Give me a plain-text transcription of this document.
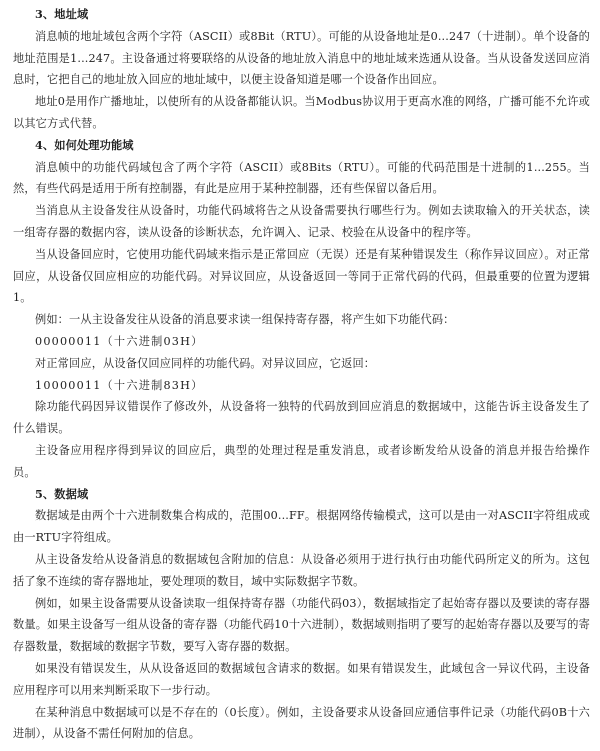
3、地址域

消息帧的地址域包含两个字符（ASCII）或8Bit（RTU）。可能的从设备地址是0...247（十进制）。单个设备的地址范围是1...247。主设备通过将要联络的从设备的地址放入消息中的地址域来选通从设备。当从设备发送回应消息时，它把自己的地址放入回应的地址域中，以便主设备知道是哪一个设备作出回应。

地址0是用作广播地址，以使所有的从设备都能认识。当Modbus协议用于更高水准的网络，广播可能不允许或以其它方式代替。

4、如何处理功能域

消息帧中的功能代码域包含了两个字符（ASCII）或8Bits（RTU）。可能的代码范围是十进制的1...255。当然，有些代码是适用于所有控制器，有此是应用于某种控制器，还有些保留以备后用。

当消息从主设备发往从设备时，功能代码域将告之从设备需要执行哪些行为。例如去读取输入的开关状态，读一组寄存器的数据内容，读从设备的诊断状态，允许调入、记录、校验在从设备中的程序等。

当从设备回应时，它使用功能代码域来指示是正常回应（无误）还是有某种错误发生（称作异议回应）。对正常回应，从设备仅回应相应的功能代码。对异议回应，从设备返回一等同于正常代码的代码，但最重要的位置为逻辑1。

例如：一从主设备发往从设备的消息要求读一组保持寄存器，将产生如下功能代码：

00000011（十六进制03H）

对正常回应，从设备仅回应同样的功能代码。对异议回应，它返回：

10000011（十六进制83H）

除功能代码因异议错误作了修改外，从设备将一独特的代码放到回应消息的数据域中，这能告诉主设备发生了什么错误。

主设备应用程序得到异议的回应后，典型的处理过程是重发消息，或者诊断发给从设备的消息并报告给操作员。

5、数据域

数据域是由两个十六进制数集合构成的，范围00...FF。根据网络传输模式，这可以是由一对ASCII字符组成或由一RTU字符组成。

从主设备发给从设备消息的数据域包含附加的信息：从设备必须用于进行执行由功能代码所定义的所为。这包括了象不连续的寄存器地址，要处理项的数目，域中实际数据字节数。

例如，如果主设备需要从设备读取一组保持寄存器（功能代码03），数据域指定了起始寄存器以及要读的寄存器数量。如果主设备写一组从设备的寄存器（功能代码10十六进制），数据域则指明了要写的起始寄存器以及要写的寄存器数量，数据域的数据字节数，要写入寄存器的数据。

如果没有错误发生，从从设备返回的数据域包含请求的数据。如果有错误发生，此域包含一异议代码，主设备应用程序可以用来判断采取下一步行动。

在某种消息中数据域可以是不存在的（0长度）。例如，主设备要求从设备回应通信事件记录（功能代码0B十六进制），从设备不需任何附加的信息。
